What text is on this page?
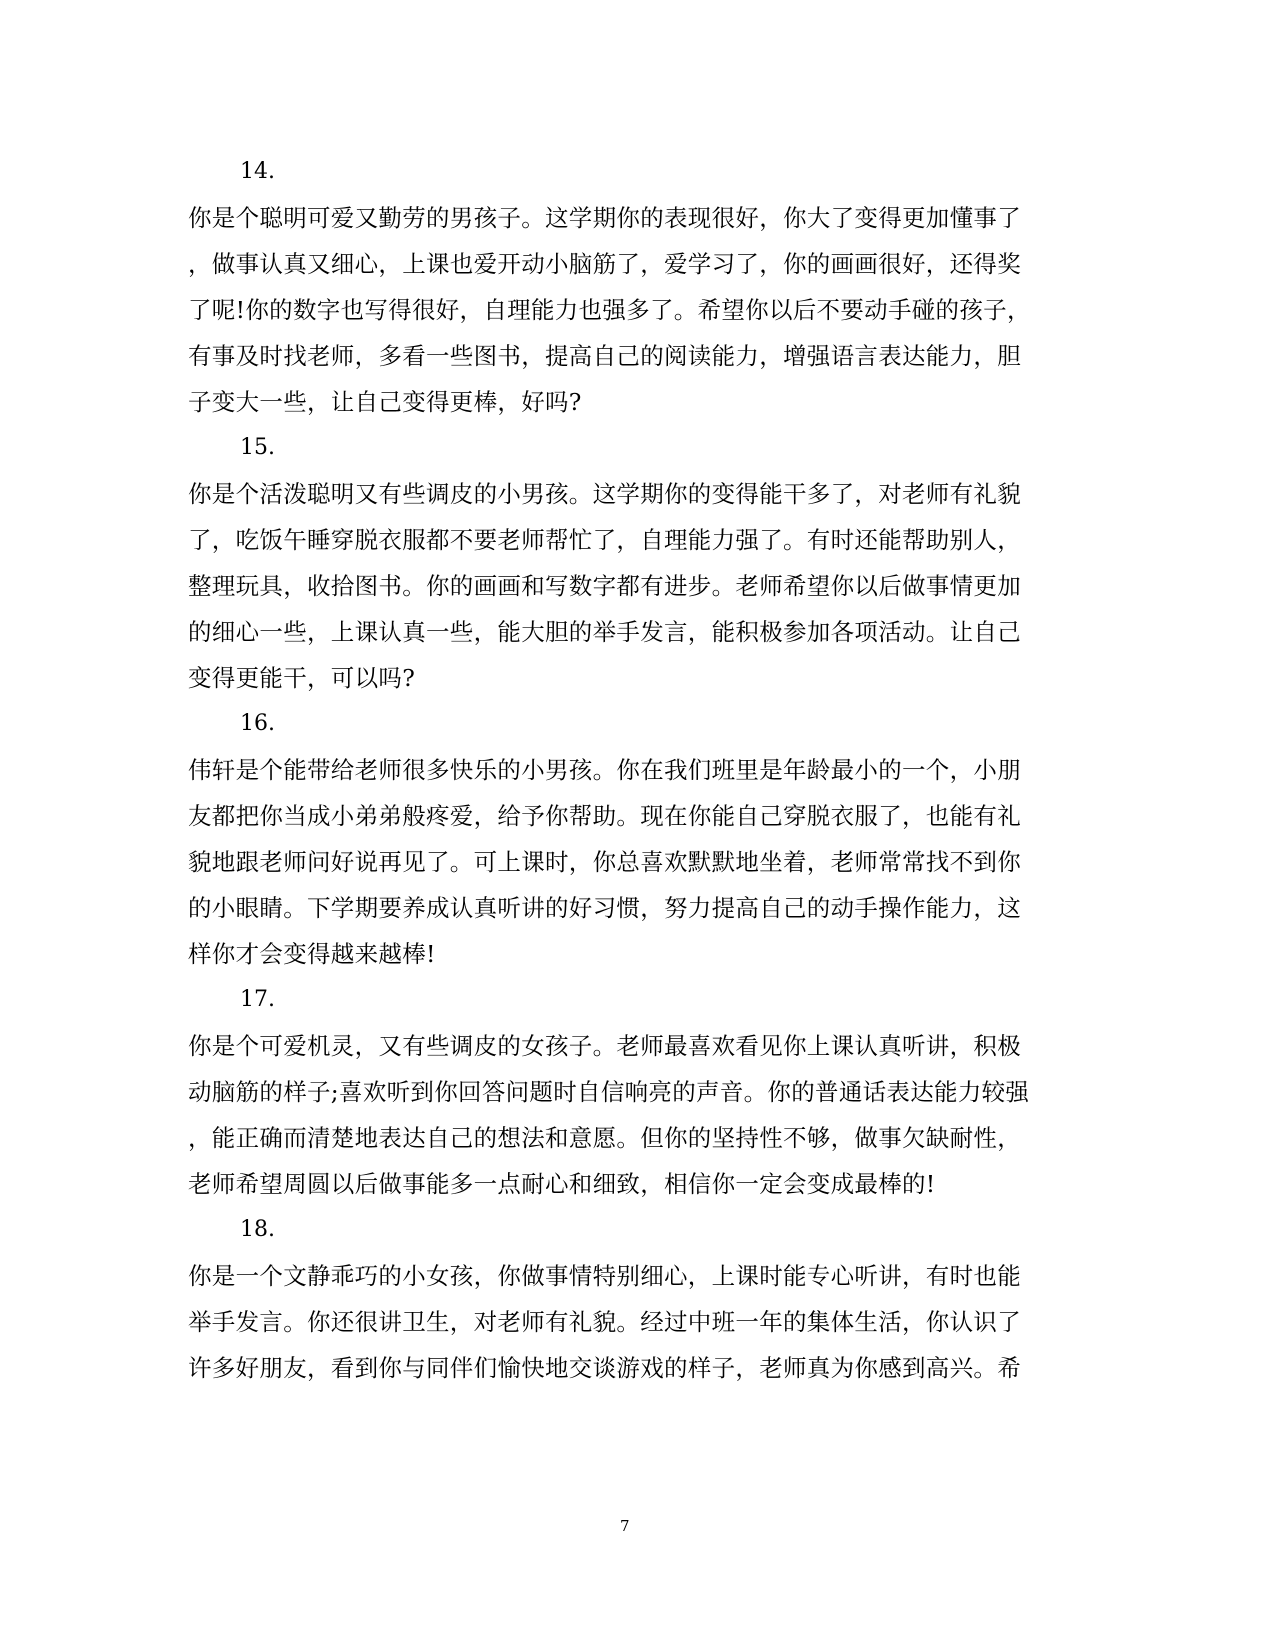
14.
你是个聪明可爱又勤劳的男孩子。这学期你的表现很好，你大了变得更加懂事了
，做事认真又细心，上课也爱开动小脑筋了，爱学习了，你的画画很好，还得奖
了呢!你的数字也写得很好，自理能力也强多了。希望你以后不要动手碰的孩子，
有事及时找老师，多看一些图书，提高自己的阅读能力，增强语言表达能力，胆
子变大一些，让自己变得更棒，好吗?
15.
你是个活泼聪明又有些调皮的小男孩。这学期你的变得能干多了，对老师有礼貌
了，吃饭午睡穿脱衣服都不要老师帮忙了，自理能力强了。有时还能帮助别人，
整理玩具，收拾图书。你的画画和写数字都有进步。老师希望你以后做事情更加
的细心一些，上课认真一些，能大胆的举手发言，能积极参加各项活动。让自己
变得更能干，可以吗?
16.
伟轩是个能带给老师很多快乐的小男孩。你在我们班里是年龄最小的一个，小朋
友都把你当成小弟弟般疼爱，给予你帮助。现在你能自己穿脱衣服了，也能有礼
貌地跟老师问好说再见了。可上课时，你总喜欢默默地坐着，老师常常找不到你
的小眼睛。下学期要养成认真听讲的好习惯，努力提高自己的动手操作能力，这
样你才会变得越来越棒!
17.
你是个可爱机灵，又有些调皮的女孩子。老师最喜欢看见你上课认真听讲，积极
动脑筋的样子;喜欢听到你回答问题时自信响亮的声音。你的普通话表达能力较强
，能正确而清楚地表达自己的想法和意愿。但你的坚持性不够，做事欠缺耐性，
老师希望周圆以后做事能多一点耐心和细致，相信你一定会变成最棒的!
18.
你是一个文静乖巧的小女孩，你做事情特别细心，上课时能专心听讲，有时也能
举手发言。你还很讲卫生，对老师有礼貌。经过中班一年的集体生活，你认识了
许多好朋友，看到你与同伴们愉快地交谈游戏的样子，老师真为你感到高兴。希
7
